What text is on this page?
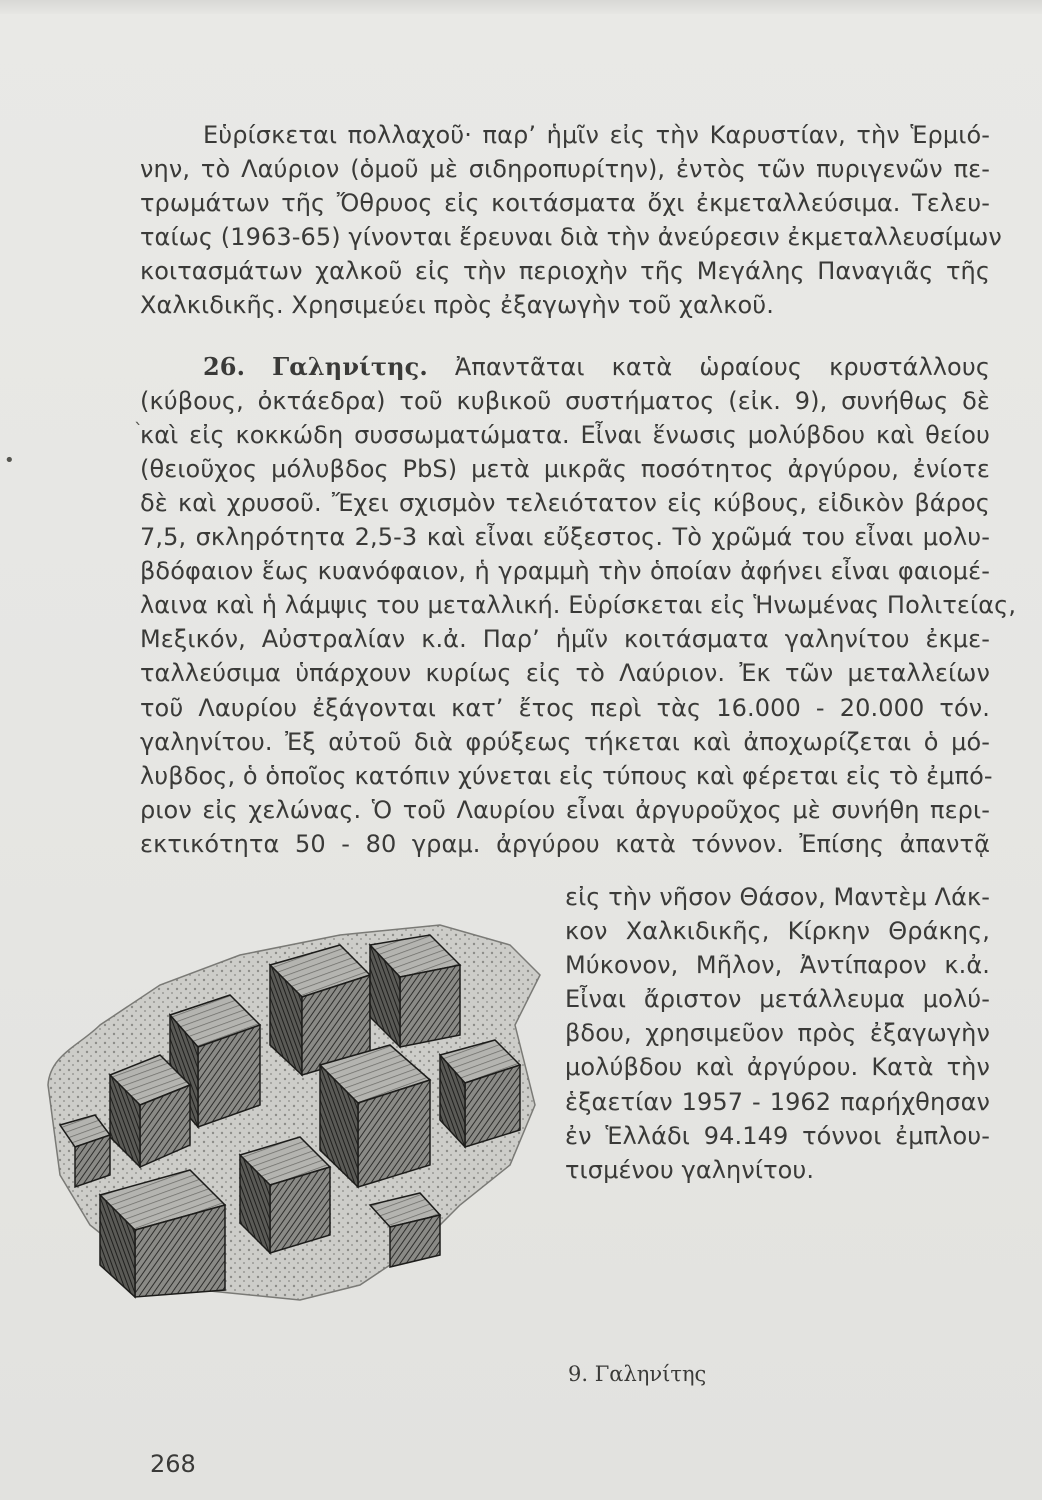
Εὑρίσκεται πολλαχοῦ· παρ’ ἡμῖν εἰς τὴν Καρυστίαν, τὴν Ἑρμιό-
νην, τὸ Λαύριον (ὁμοῦ μὲ σιδηροπυρίτην), ἐντὸς τῶν πυριγενῶν πε-
τρωμάτων τῆς Ὄθρυος εἰς κοιτάσματα ὄχι ἐκμεταλλεύσιμα. Τελευ-
ταίως (1963-65) γίνονται ἔρευναι διὰ τὴν ἀνεύρεσιν ἐκμεταλλευσίμων
κοιτασμάτων χαλκοῦ εἰς τὴν περιοχὴν τῆς Μεγάλης Παναγιᾶς τῆς
Χαλκιδικῆς. Χρησιμεύει πρὸς ἐξαγωγὴν τοῦ χαλκοῦ.
26. Γαληνίτης. Ἀπαντᾶται κατὰ ὡραίους κρυστάλλους
(κύβους, ὀκτάεδρα) τοῦ κυβικοῦ συστήματος (εἰκ. 9), συνήθως δὲ
καὶ εἰς κοκκώδη συσσωματώματα. Εἶναι ἕνωσις μολύβδου καὶ θείου
(θειοῦχος μόλυβδος PbS) μετὰ μικρᾶς ποσότητος ἀργύρου, ἐνίοτε
δὲ καὶ χρυσοῦ. Ἔχει σχισμὸν τελειότατον εἰς κύβους, εἰδικὸν βάρος
7,5, σκληρότητα 2,5-3 καὶ εἶναι εὔξεστος. Τὸ χρῶμά του εἶναι μολυ-
βδόφαιον ἕως κυανόφαιον, ἡ γραμμὴ τὴν ὁποίαν ἀφήνει εἶναι φαιομέ-
λαινα καὶ ἡ λάμψις του μεταλλική. Εὑρίσκεται εἰς Ἡνωμένας Πολιτείας,
Μεξικόν, Αὐστραλίαν κ.ἀ. Παρ’ ἡμῖν κοιτάσματα γαληνίτου ἐκμε-
ταλλεύσιμα ὑπάρχουν κυρίως εἰς τὸ Λαύριον. Ἐκ τῶν μεταλλείων
τοῦ Λαυρίου ἐξάγονται κατ’ ἔτος περὶ τὰς 16.000 - 20.000 τόν.
γαληνίτου. Ἐξ αὐτοῦ διὰ φρύξεως τήκεται καὶ ἀποχωρίζεται ὁ μό-
λυβδος, ὁ ὁποῖος κατόπιν χύνεται εἰς τύπους καὶ φέρεται εἰς τὸ ἐμπό-
ριον εἰς χελώνας. Ὁ τοῦ Λαυρίου εἶναι ἀργυροῦχος μὲ συνήθη περι-
εκτικότητα 50 - 80 γραμ. ἀργύρου κατὰ τόννον. Ἐπίσης ἀπαντᾷ
εἰς τὴν νῆσον Θάσον, Μαντὲμ Λάκ-
κον Χαλκιδικῆς, Κίρκην Θράκης,
Μύκονον, Μῆλον, Ἀντίπαρον κ.ἀ.
Εἶναι ἄριστον μετάλλευμα μολύ-
βδου, χρησιμεῦον πρὸς ἐξαγωγὴν
μολύβδου καὶ ἀργύρου. Κατὰ τὴν
ἑξαετίαν 1957 - 1962 παρήχθησαν
ἐν Ἑλλάδι 94.149 τόννοι ἐμπλου-
τισμένου γαληνίτου.
9. Γαληνίτης
268
ˎ
•
